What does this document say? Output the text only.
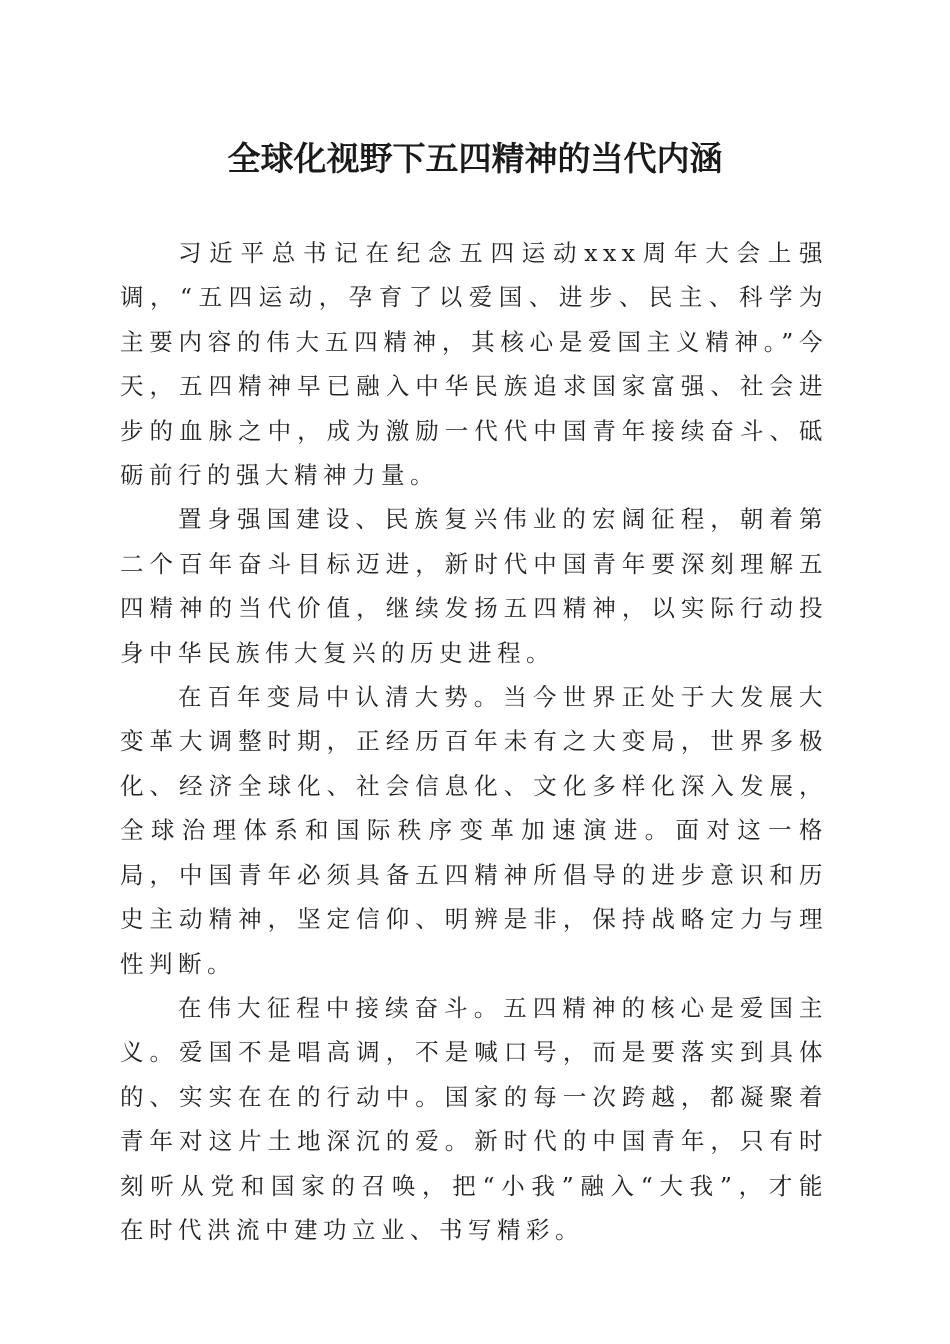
全球化视野下五四精神的当代内涵

习近平总书记在纪念五四运动xxx周年大会上强调，“五四运动，孕育了以爱国、进步、民主、科学为主要内容的伟大五四精神，其核心是爱国主义精神。”今天，五四精神早已融入中华民族追求国家富强、社会进步的血脉之中，成为激励一代代中国青年接续奋斗、砥砺前行的强大精神力量。

置身强国建设、民族复兴伟业的宏阔征程，朝着第二个百年奋斗目标迈进，新时代中国青年要深刻理解五四精神的当代价值，继续发扬五四精神，以实际行动投身中华民族伟大复兴的历史进程。

在百年变局中认清大势。当今世界正处于大发展大变革大调整时期，正经历百年未有之大变局，世界多极化、经济全球化、社会信息化、文化多样化深入发展，全球治理体系和国际秩序变革加速演进。面对这一格局，中国青年必须具备五四精神所倡导的进步意识和历史主动精神，坚定信仰、明辨是非，保持战略定力与理性判断。

在伟大征程中接续奋斗。五四精神的核心是爱国主义。爱国不是唱高调，不是喊口号，而是要落实到具体的、实实在在的行动中。国家的每一次跨越，都凝聚着青年对这片土地深沉的爱。新时代的中国青年，只有时刻听从党和国家的召唤，把“小我”融入“大我”，才能在时代洪流中建功立业、书写精彩。
